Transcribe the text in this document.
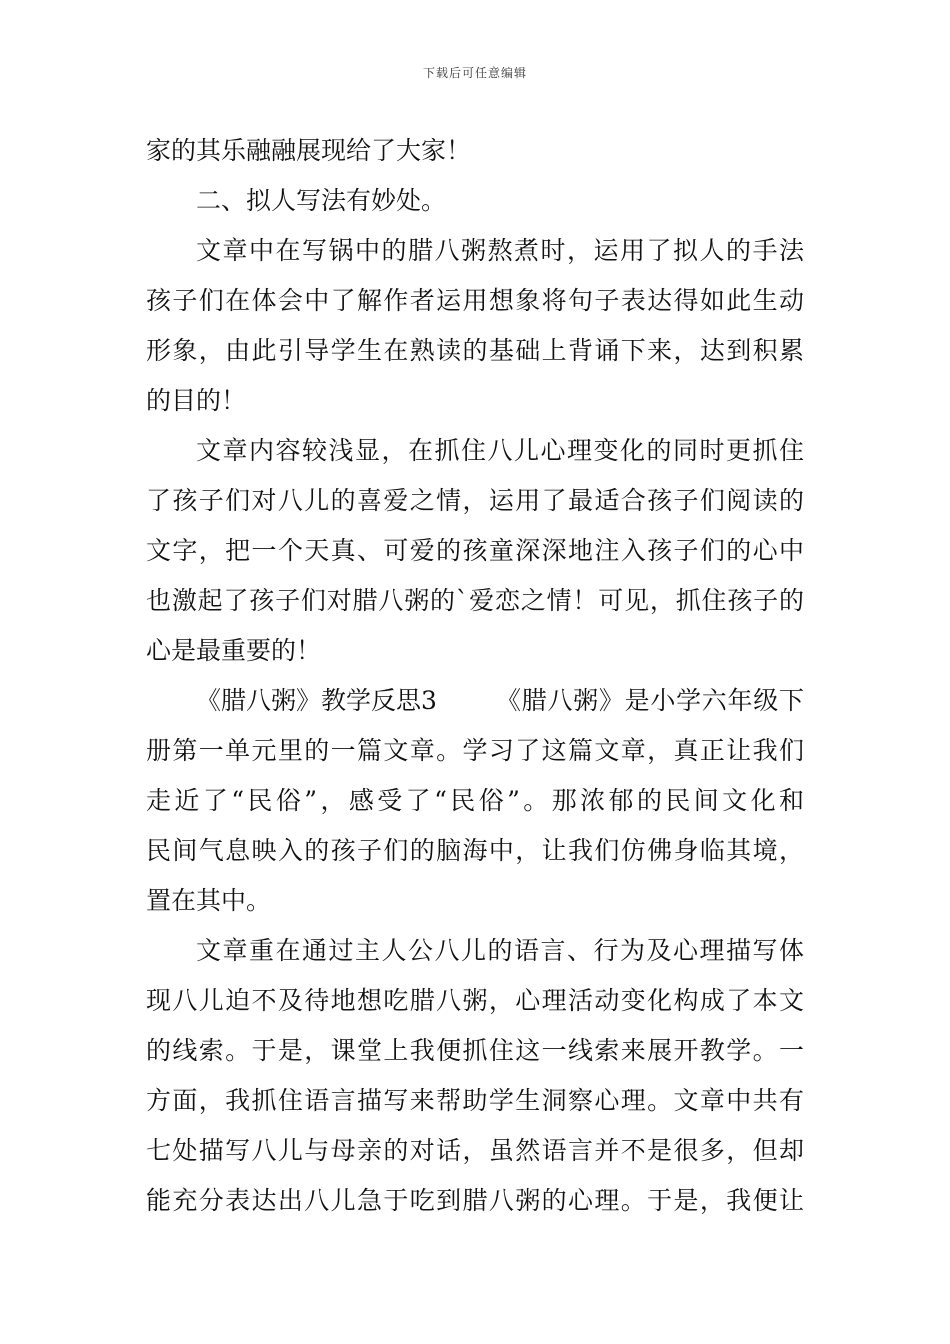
下载后可任意编辑
家的其乐融融展现给了大家！
二、拟人写法有妙处。
文章中在写锅中的腊八粥熬煮时，运用了拟人的手法
孩子们在体会中了解作者运用想象将句子表达得如此生动
形象，由此引导学生在熟读的基础上背诵下来，达到积累
的目的！
文章内容较浅显，在抓住八儿心理变化的同时更抓住
了孩子们对八儿的喜爱之情，运用了最适合孩子们阅读的
文字，把一个天真、可爱的孩童深深地注入孩子们的心中
也激起了孩子们对腊八粥的`爱恋之情！可见，抓住孩子的
心是最重要的！
《腊八粥》教学反思3 《腊八粥》是小学六年级下
册第一单元里的一篇文章。学习了这篇文章，真正让我们
走近了“民俗”，感受了“民俗”。那浓郁的民间文化和
民间气息映入的孩子们的脑海中，让我们仿佛身临其境，
置在其中。
文章重在通过主人公八儿的语言、行为及心理描写体
现八儿迫不及待地想吃腊八粥，心理活动变化构成了本文
的线索。于是，课堂上我便抓住这一线索来展开教学。一
方面，我抓住语言描写来帮助学生洞察心理。文章中共有
七处描写八儿与母亲的对话，虽然语言并不是很多，但却
能充分表达出八儿急于吃到腊八粥的心理。于是，我便让
